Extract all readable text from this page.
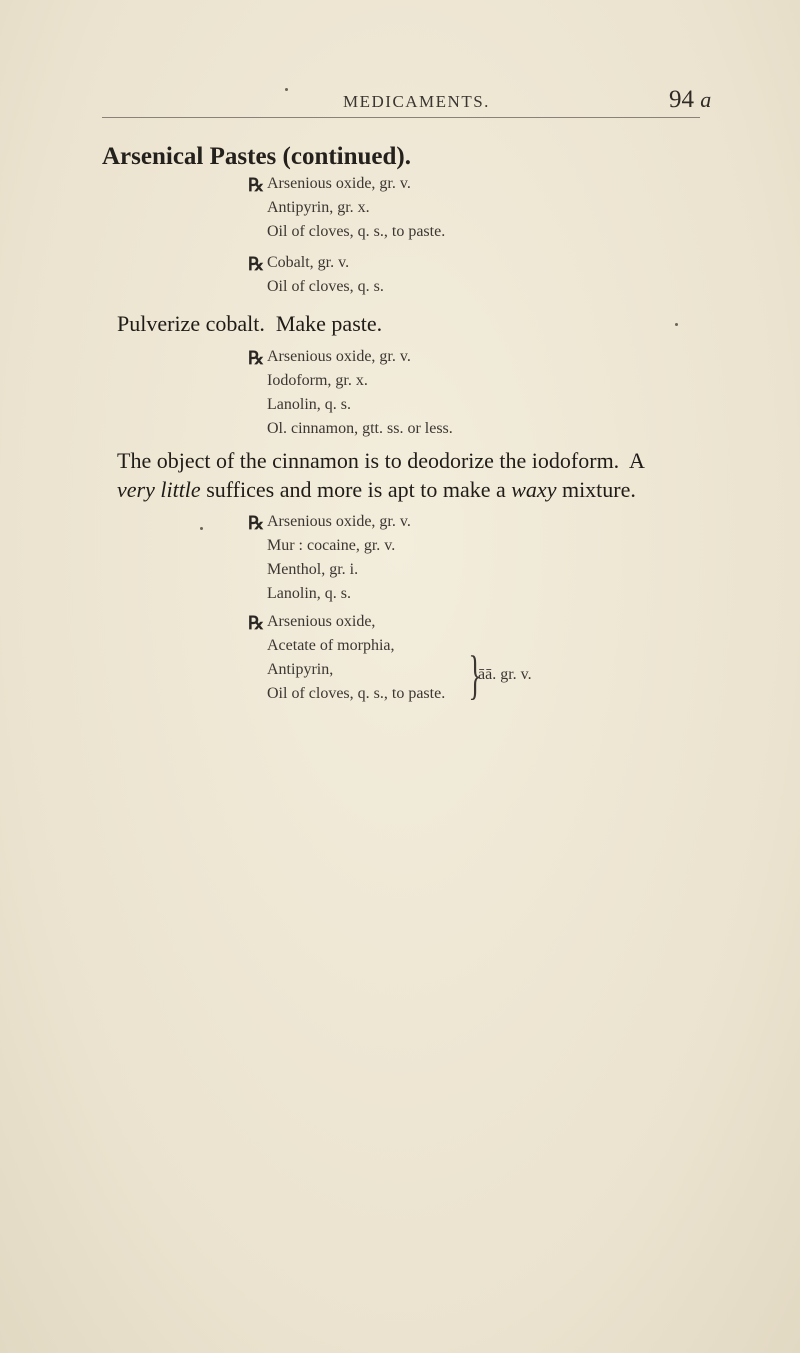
MEDICAMENTS.	94 a
Arsenical Pastes (continued).
℞ Arsenious oxide, gr. v.
Antipyrin, gr. x.
Oil of cloves, q. s., to paste.
℞ Cobalt, gr. v.
Oil of cloves, q. s.
Pulverize cobalt.  Make paste.
℞ Arsenious oxide, gr. v.
Iodoform, gr. x.
Lanolin, q. s.
Ol. cinnamon, gtt. ss. or less.
The object of the cinnamon is to deodorize the iodoform.  A
very little suffices and more is apt to make a waxy mixture.
℞ Arsenious oxide, gr. v.
Mur : cocaine, gr. v.
Menthol, gr. i.
Lanolin, q. s.
℞ Arsenious oxide,
Acetate of morphia,
Antipyrin,
Oil of cloves, q. s., to paste. }
āā. gr. v.
